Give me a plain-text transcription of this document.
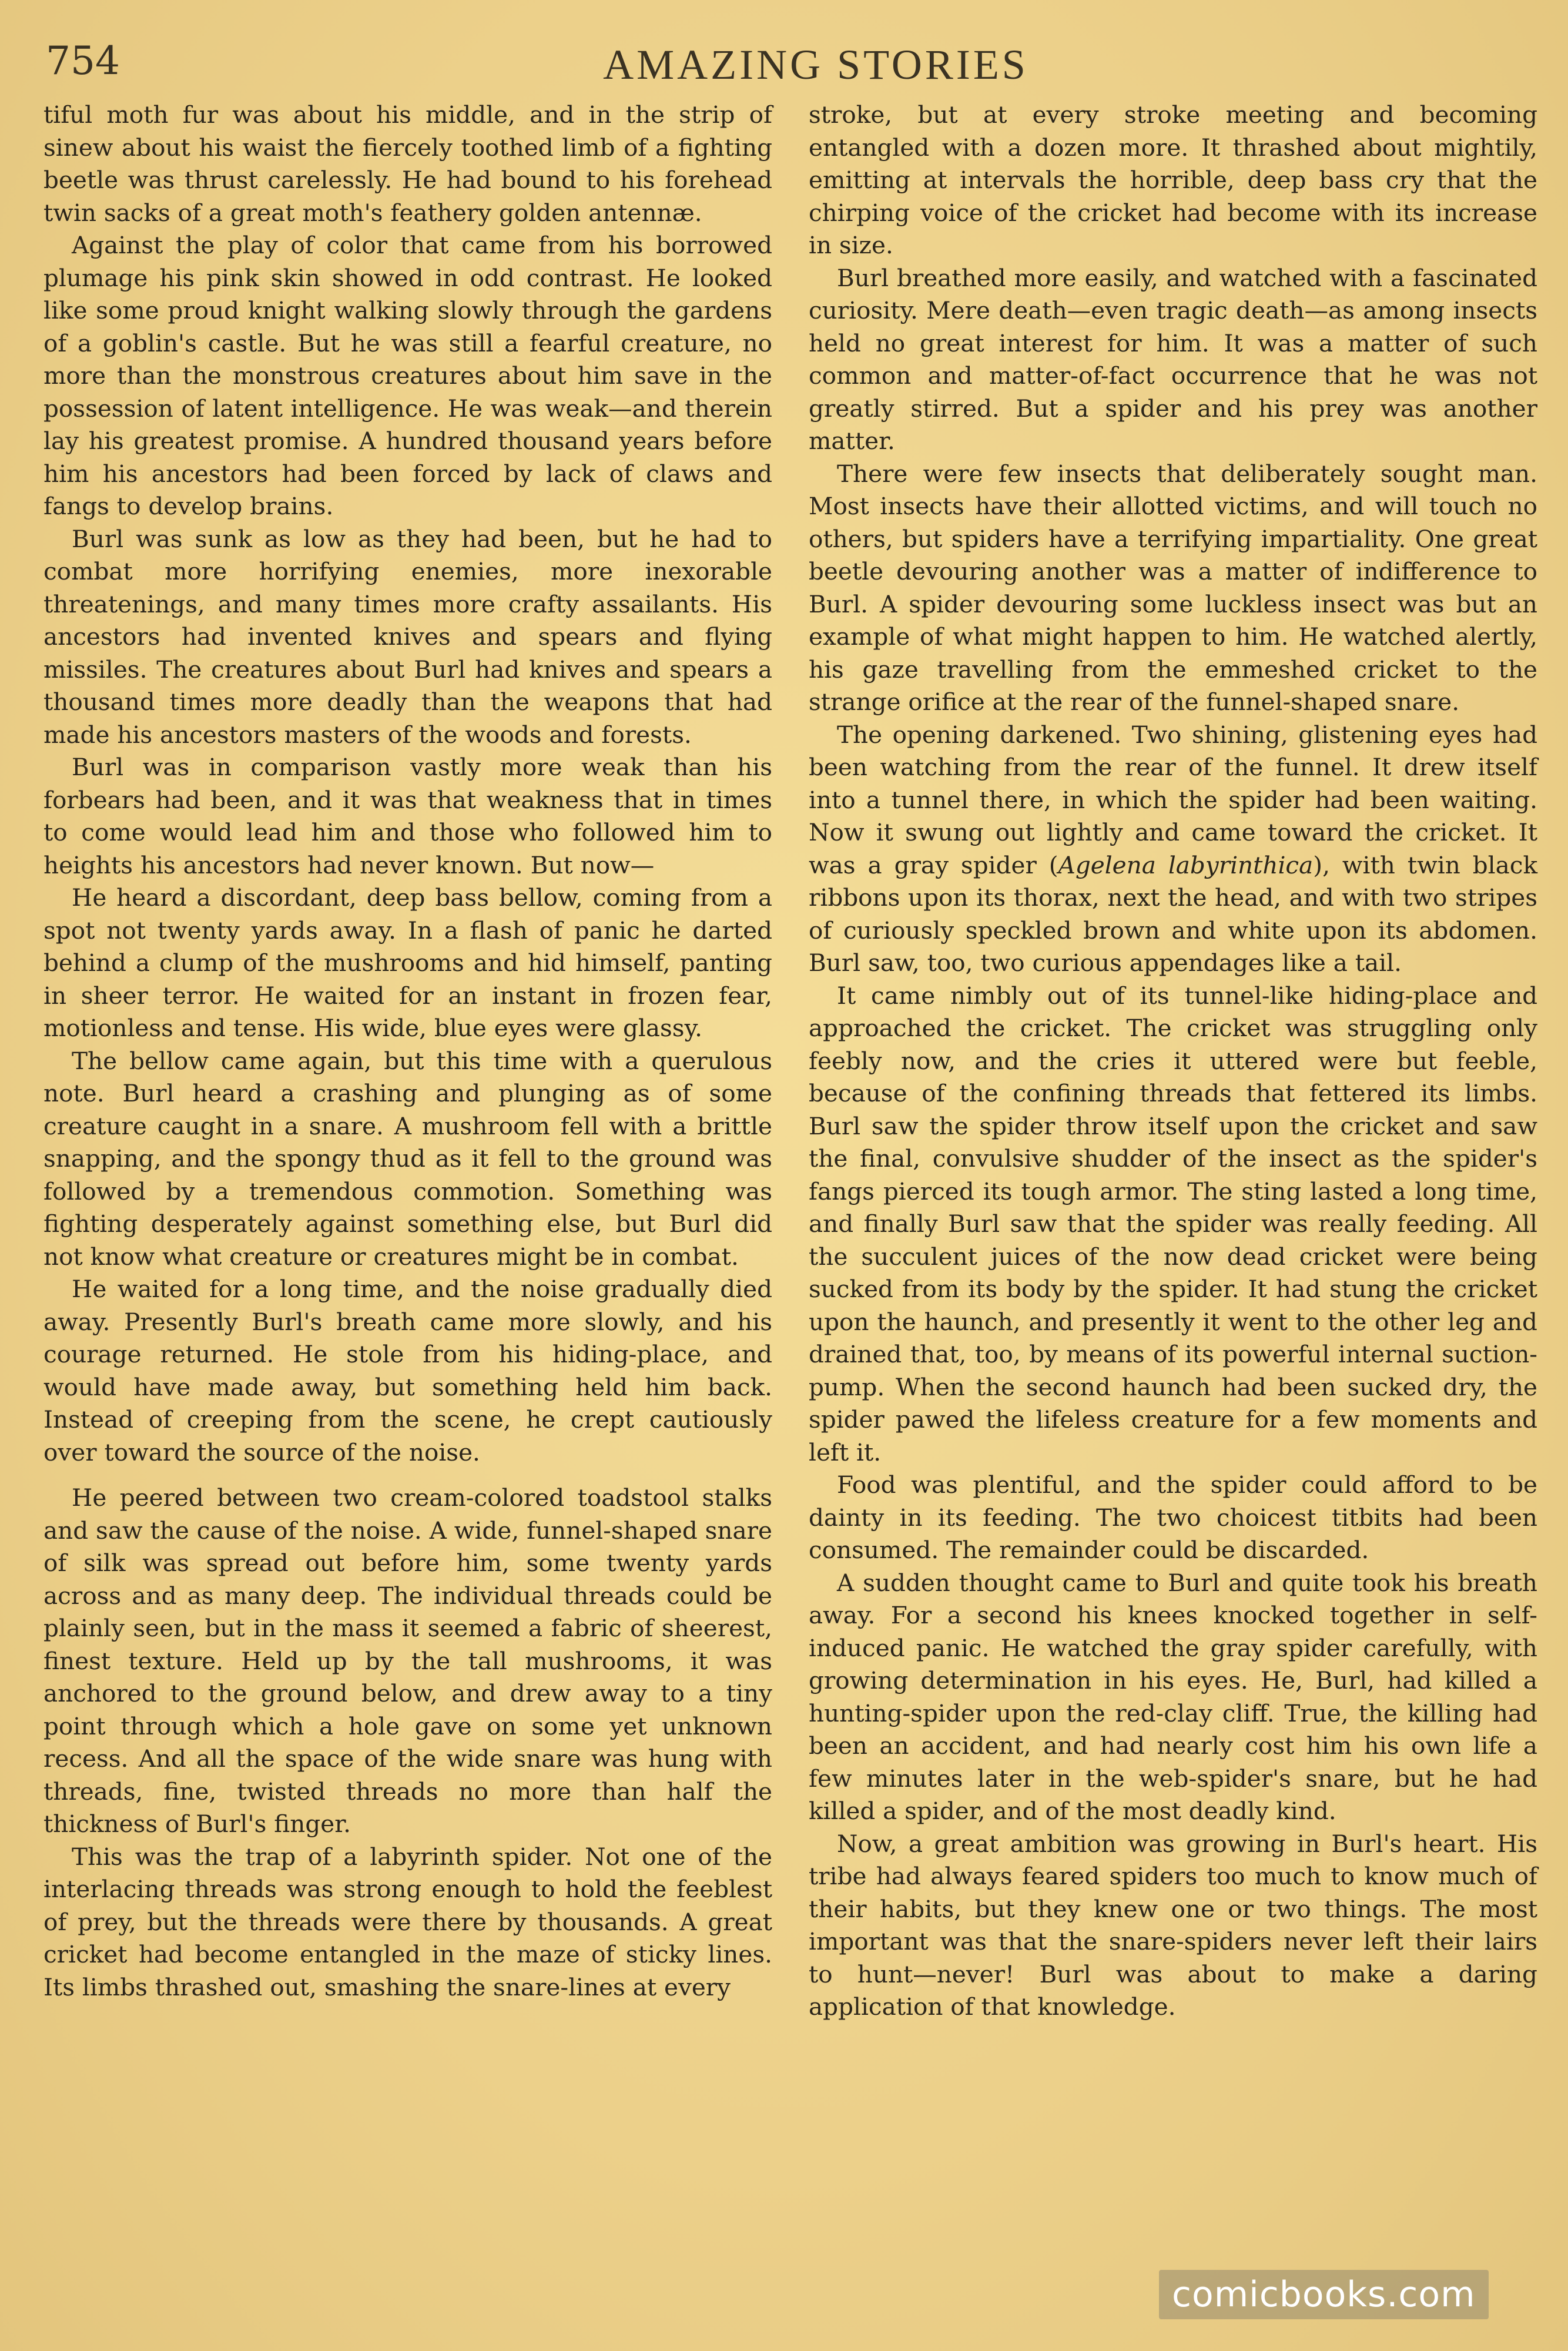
754	AMAZING STORIES

tiful moth fur was about his middle, and in the strip of sinew about his waist the fiercely toothed limb of a fighting beetle was thrust carelessly. He had bound to his forehead twin sacks of a great moth's feathery golden antennæ.

Against the play of color that came from his borrowed plumage his pink skin showed in odd contrast. He looked like some proud knight walking slowly through the gardens of a goblin's castle. But he was still a fearful creature, no more than the monstrous creatures about him save in the possession of latent intelligence. He was weak—and therein lay his greatest promise. A hundred thousand years before him his ancestors had been forced by lack of claws and fangs to develop brains.

Burl was sunk as low as they had been, but he had to combat more horrifying enemies, more inexorable threatenings, and many times more crafty assailants. His ancestors had invented knives and spears and flying missiles. The creatures about Burl had knives and spears a thousand times more deadly than the weapons that had made his ancestors masters of the woods and forests.

Burl was in comparison vastly more weak than his forbears had been, and it was that weakness that in times to come would lead him and those who followed him to heights his ancestors had never known. But now—

He heard a discordant, deep bass bellow, coming from a spot not twenty yards away. In a flash of panic he darted behind a clump of the mushrooms and hid himself, panting in sheer terror. He waited for an instant in frozen fear, motionless and tense. His wide, blue eyes were glassy.

The bellow came again, but this time with a querulous note. Burl heard a crashing and plunging as of some creature caught in a snare. A mushroom fell with a brittle snapping, and the spongy thud as it fell to the ground was followed by a tremendous commotion. Something was fighting desperately against something else, but Burl did not know what creature or creatures might be in combat.

He waited for a long time, and the noise gradually died away. Presently Burl's breath came more slowly, and his courage returned. He stole from his hiding-place, and would have made away, but something held him back. Instead of creeping from the scene, he crept cautiously over toward the source of the noise.

He peered between two cream-colored toadstool stalks and saw the cause of the noise. A wide, funnel-shaped snare of silk was spread out before him, some twenty yards across and as many deep. The individual threads could be plainly seen, but in the mass it seemed a fabric of sheerest, finest texture. Held up by the tall mushrooms, it was anchored to the ground below, and drew away to a tiny point through which a hole gave on some yet unknown recess. And all the space of the wide snare was hung with threads, fine, twisted threads no more than half the thickness of Burl's finger.

This was the trap of a labyrinth spider. Not one of the interlacing threads was strong enough to hold the feeblest of prey, but the threads were there by thousands. A great cricket had become entangled in the maze of sticky lines. Its limbs thrashed out, smashing the snare-lines at every

stroke, but at every stroke meeting and becoming entangled with a dozen more. It thrashed about mightily, emitting at intervals the horrible, deep bass cry that the chirping voice of the cricket had become with its increase in size.

Burl breathed more easily, and watched with a fascinated curiosity. Mere death—even tragic death—as among insects held no great interest for him. It was a matter of such common and matter-of-fact occurrence that he was not greatly stirred. But a spider and his prey was another matter.

There were few insects that deliberately sought man. Most insects have their allotted victims, and will touch no others, but spiders have a terrifying impartiality. One great beetle devouring another was a matter of indifference to Burl. A spider devouring some luckless insect was but an example of what might happen to him. He watched alertly, his gaze travelling from the emmeshed cricket to the strange orifice at the rear of the funnel-shaped snare.

The opening darkened. Two shining, glistening eyes had been watching from the rear of the funnel. It drew itself into a tunnel there, in which the spider had been waiting. Now it swung out lightly and came toward the cricket. It was a gray spider (Agelena labyrinthica), with twin black ribbons upon its thorax, next the head, and with two stripes of curiously speckled brown and white upon its abdomen. Burl saw, too, two curious appendages like a tail.

It came nimbly out of its tunnel-like hiding-place and approached the cricket. The cricket was struggling only feebly now, and the cries it uttered were but feeble, because of the confining threads that fettered its limbs. Burl saw the spider throw itself upon the cricket and saw the final, convulsive shudder of the insect as the spider's fangs pierced its tough armor. The sting lasted a long time, and finally Burl saw that the spider was really feeding. All the succulent juices of the now dead cricket were being sucked from its body by the spider. It had stung the cricket upon the haunch, and presently it went to the other leg and drained that, too, by means of its powerful internal suction-pump. When the second haunch had been sucked dry, the spider pawed the lifeless creature for a few moments and left it.

Food was plentiful, and the spider could afford to be dainty in its feeding. The two choicest titbits had been consumed. The remainder could be discarded.

A sudden thought came to Burl and quite took his breath away. For a second his knees knocked together in self-induced panic. He watched the gray spider carefully, with growing determination in his eyes. He, Burl, had killed a hunting-spider upon the red-clay cliff. True, the killing had been an accident, and had nearly cost him his own life a few minutes later in the web-spider's snare, but he had killed a spider, and of the most deadly kind.

Now, a great ambition was growing in Burl's heart. His tribe had always feared spiders too much to know much of their habits, but they knew one or two things. The most important was that the snare-spiders never left their lairs to hunt—never! Burl was about to make a daring application of that knowledge.

comicbooks.com
